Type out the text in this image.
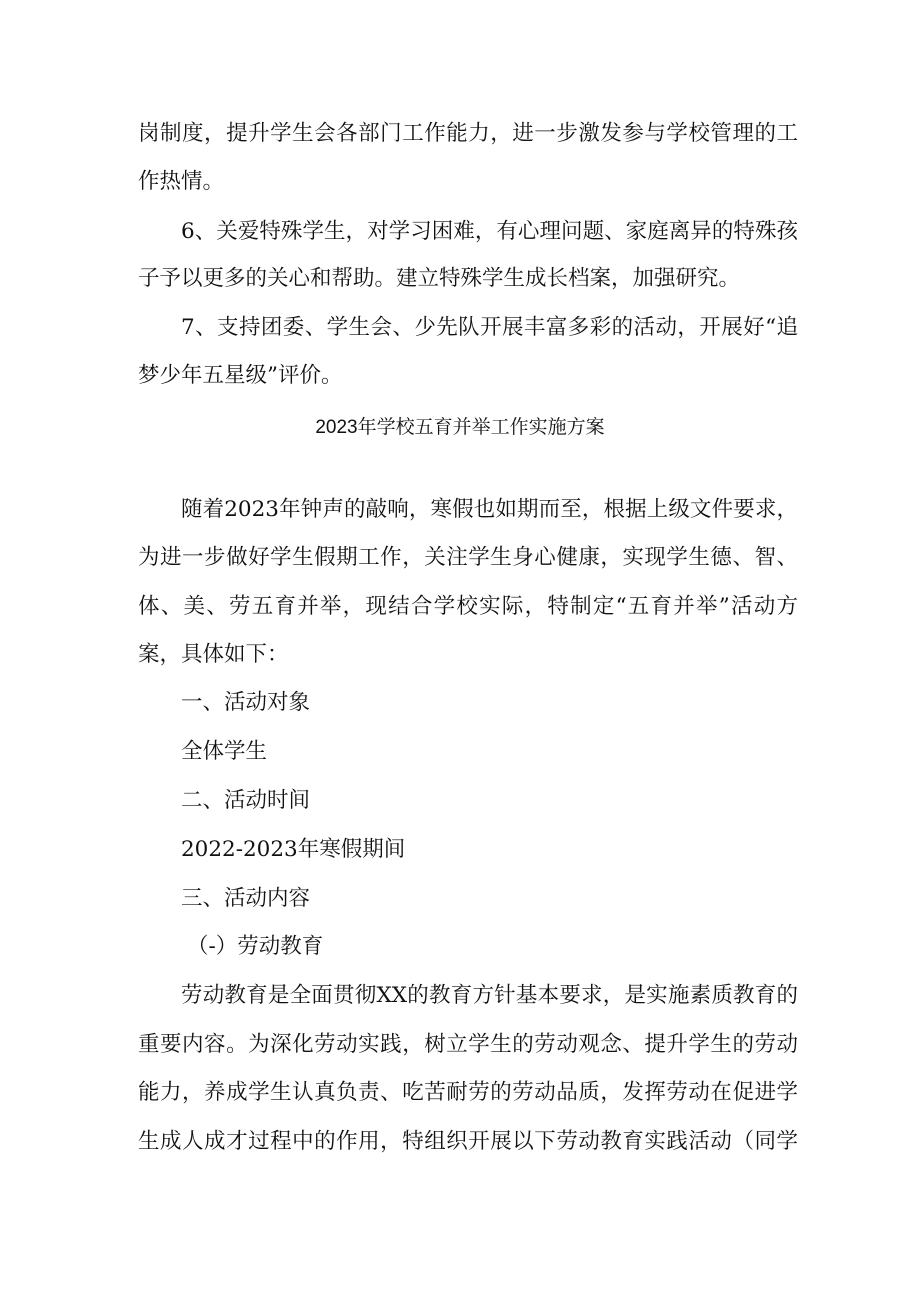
岗制度，提升学生会各部门工作能力，进一步激发参与学校管理的工
作热情。
6、关爱特殊学生，对学习困难，有心理问题、家庭离异的特殊孩
子予以更多的关心和帮助。建立特殊学生成长档案，加强研究。
7、支持团委、学生会、少先队开展丰富多彩的活动，开展好“追
梦少年五星级”评价。
2023年学校五育并举工作实施方案
随着2023年钟声的敲响，寒假也如期而至，根据上级文件要求，
为进一步做好学生假期工作，关注学生身心健康，实现学生德、智、
体、美、劳五育并举，现结合学校实际，特制定“五育并举”活动方
案，具体如下：
一、活动对象
全体学生
二、活动时间
2022-2023年寒假期间
三、活动内容
（-）劳动教育
劳动教育是全面贯彻XX的教育方针基本要求，是实施素质教育的
重要内容。为深化劳动实践，树立学生的劳动观念、提升学生的劳动
能力，养成学生认真负责、吃苦耐劳的劳动品质，发挥劳动在促进学
生成人成才过程中的作用，特组织开展以下劳动教育实践活动（同学
